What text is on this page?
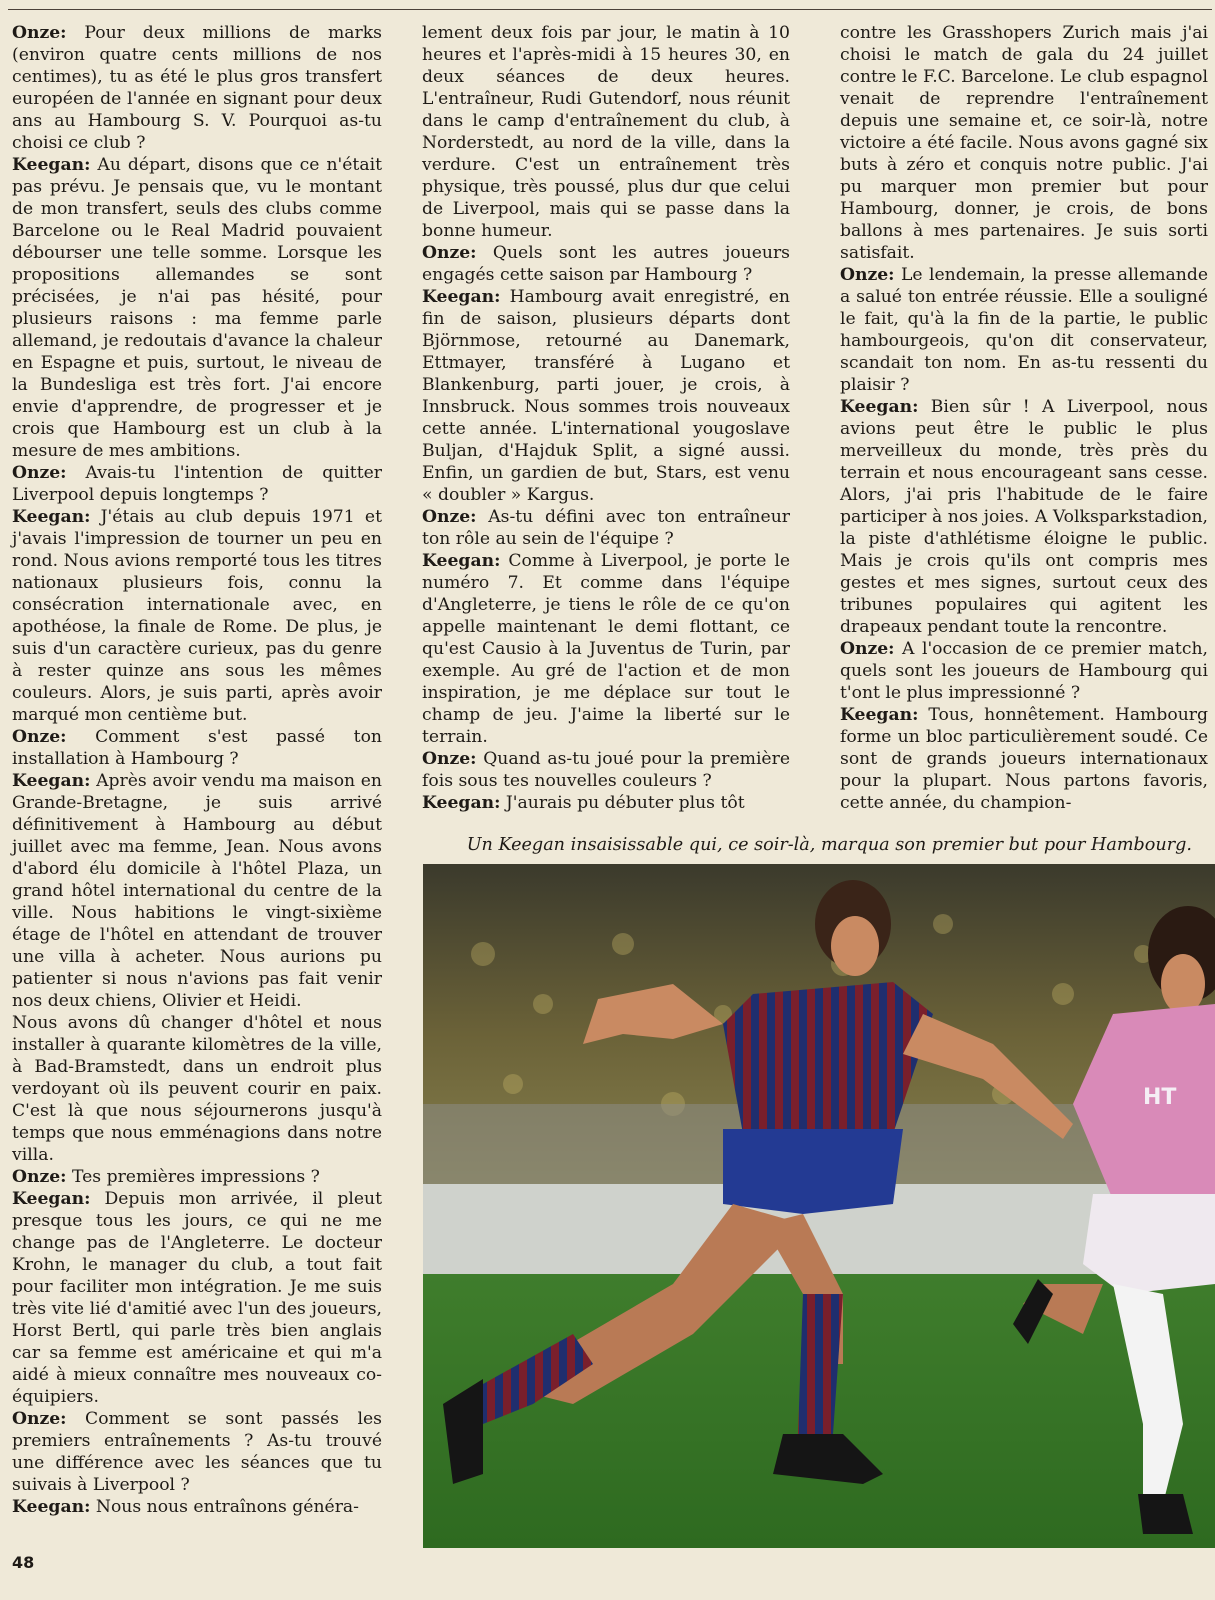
Onze: Pour deux millions de marks (environ quatre cents millions de nos centimes), tu as été le plus gros transfert européen de l'année en signant pour deux ans au Hambourg S. V. Pourquoi as-tu choisi ce club ?

Keegan: Au départ, disons que ce n'était pas prévu. Je pensais que, vu le montant de mon transfert, seuls des clubs comme Barcelone ou le Real Madrid pouvaient débourser une telle somme. Lorsque les propositions allemandes se sont précisées, je n'ai pas hésité, pour plusieurs raisons : ma femme parle allemand, je redoutais d'avance la chaleur en Espagne et puis, surtout, le niveau de la Bundesliga est très fort. J'ai encore envie d'apprendre, de progresser et je crois que Hambourg est un club à la mesure de mes ambitions.

Onze: Avais-tu l'intention de quitter Liverpool depuis longtemps ?

Keegan: J'étais au club depuis 1971 et j'avais l'impression de tourner un peu en rond. Nous avions remporté tous les titres nationaux plusieurs fois, connu la consécration internationale avec, en apothéose, la finale de Rome. De plus, je suis d'un caractère curieux, pas du genre à rester quinze ans sous les mêmes couleurs. Alors, je suis parti, après avoir marqué mon centième but.

Onze: Comment s'est passé ton installation à Hambourg ?

Keegan: Après avoir vendu ma maison en Grande-Bretagne, je suis arrivé définitivement à Hambourg au début juillet avec ma femme, Jean. Nous avons d'abord élu domicile à l'hôtel Plaza, un grand hôtel international du centre de la ville. Nous habitions le vingt-sixième étage de l'hôtel en attendant de trouver une villa à acheter. Nous aurions pu patienter si nous n'avions pas fait venir nos deux chiens, Olivier et Heidi.

Nous avons dû changer d'hôtel et nous installer à quarante kilomètres de la ville, à Bad-Bramstedt, dans un endroit plus verdoyant où ils peuvent courir en paix. C'est là que nous séjournerons jusqu'à temps que nous emménagions dans notre villa.

Onze: Tes premières impressions ?

Keegan: Depuis mon arrivée, il pleut presque tous les jours, ce qui ne me change pas de l'Angleterre. Le docteur Krohn, le manager du club, a tout fait pour faciliter mon intégration. Je me suis très vite lié d'amitié avec l'un des joueurs, Horst Bertl, qui parle très bien anglais car sa femme est américaine et qui m'a aidé à mieux connaître mes nouveaux co-équipiers.

Onze: Comment se sont passés les premiers entraînements ? As-tu trouvé une différence avec les séances que tu suivais à Liverpool ?

Keegan: Nous nous entraînons généra-

lement deux fois par jour, le matin à 10 heures et l'après-midi à 15 heures 30, en deux séances de deux heures. L'entraîneur, Rudi Gutendorf, nous réunit dans le camp d'entraînement du club, à Norderstedt, au nord de la ville, dans la verdure. C'est un entraînement très physique, très poussé, plus dur que celui de Liverpool, mais qui se passe dans la bonne humeur.

Onze: Quels sont les autres joueurs engagés cette saison par Hambourg ?

Keegan: Hambourg avait enregistré, en fin de saison, plusieurs départs dont Björnmose, retourné au Danemark, Ettmayer, transféré à Lugano et Blankenburg, parti jouer, je crois, à Innsbruck. Nous sommes trois nouveaux cette année. L'international yougoslave Buljan, d'Hajduk Split, a signé aussi. Enfin, un gardien de but, Stars, est venu « doubler » Kargus.

Onze: As-tu défini avec ton entraîneur ton rôle au sein de l'équipe ?

Keegan: Comme à Liverpool, je porte le numéro 7. Et comme dans l'équipe d'Angleterre, je tiens le rôle de ce qu'on appelle maintenant le demi flottant, ce qu'est Causio à la Juventus de Turin, par exemple. Au gré de l'action et de mon inspiration, je me déplace sur tout le champ de jeu. J'aime la liberté sur le terrain.

Onze: Quand as-tu joué pour la première fois sous tes nouvelles couleurs ?

Keegan: J'aurais pu débuter plus tôt

contre les Grasshopers Zurich mais j'ai choisi le match de gala du 24 juillet contre le F.C. Barcelone. Le club espagnol venait de reprendre l'entraînement depuis une semaine et, ce soir-là, notre victoire a été facile. Nous avons gagné six buts à zéro et conquis notre public. J'ai pu marquer mon premier but pour Hambourg, donner, je crois, de bons ballons à mes partenaires. Je suis sorti satisfait.

Onze: Le lendemain, la presse allemande a salué ton entrée réussie. Elle a souligné le fait, qu'à la fin de la partie, le public hambourgeois, qu'on dit conservateur, scandait ton nom. En as-tu ressenti du plaisir ?

Keegan: Bien sûr ! A Liverpool, nous avions peut être le public le plus merveilleux du monde, très près du terrain et nous encourageant sans cesse. Alors, j'ai pris l'habitude de le faire participer à nos joies. A Volksparkstadion, la piste d'athlétisme éloigne le public. Mais je crois qu'ils ont compris mes gestes et mes signes, surtout ceux des tribunes populaires qui agitent les drapeaux pendant toute la rencontre.

Onze: A l'occasion de ce premier match, quels sont les joueurs de Hambourg qui t'ont le plus impressionné ?

Keegan: Tous, honnêtement. Hambourg forme un bloc particulièrement soudé. Ce sont de grands joueurs internationaux pour la plupart. Nous partons favoris, cette année, du champion-

Un Keegan insaisissable qui, ce soir-là, marqua son premier but pour Hambourg.
HT
48
